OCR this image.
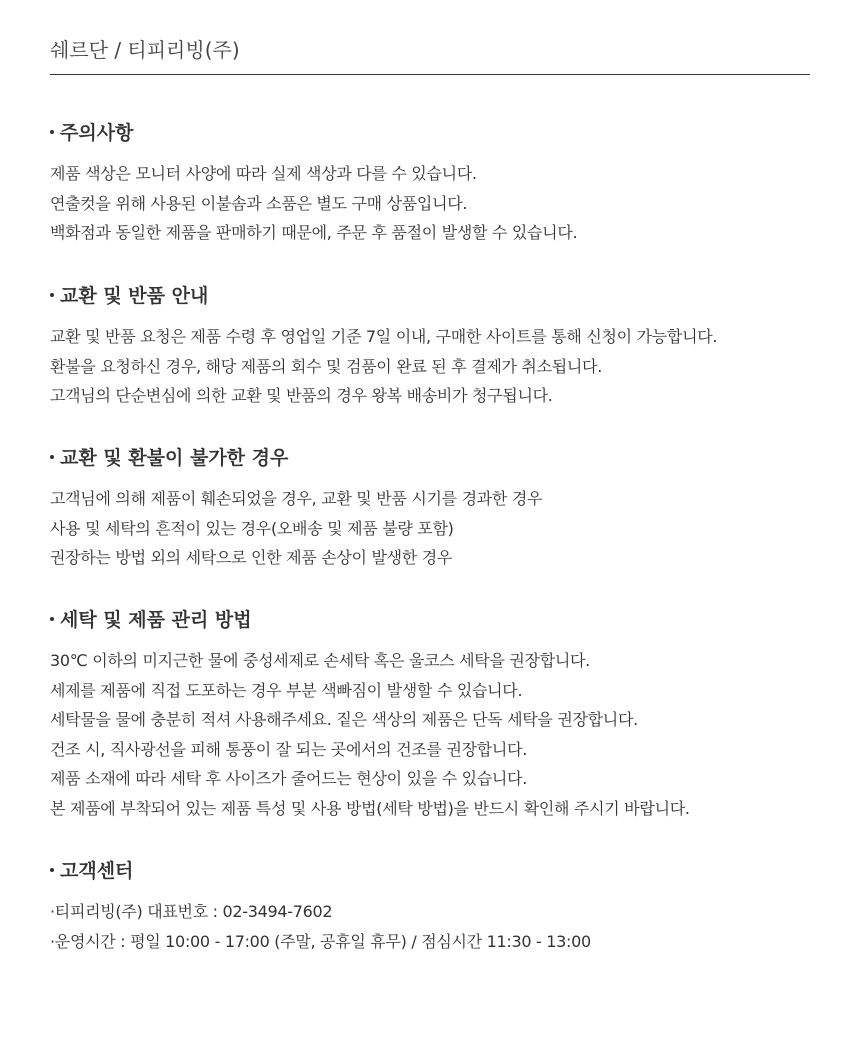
쉐르단 / 티피리빙(주)
주의사항
제품 색상은 모니터 사양에 따라 실제 색상과 다를 수 있습니다.
연출컷을 위해 사용된 이불솜과 소품은 별도 구매 상품입니다.
백화점과 동일한 제품을 판매하기 때문에, 주문 후 품절이 발생할 수 있습니다.
교환 및 반품 안내
교환 및 반품 요청은 제품 수령 후 영업일 기준 7일 이내, 구매한 사이트를 통해 신청이 가능합니다.
환불을 요청하신 경우, 해당 제품의 회수 및 검품이 완료 된 후 결제가 취소됩니다.
고객님의 단순변심에 의한 교환 및 반품의 경우 왕복 배송비가 청구됩니다.
교환 및 환불이 불가한 경우
고객님에 의해 제품이 훼손되었을 경우, 교환 및 반품 시기를 경과한 경우
사용 및 세탁의 흔적이 있는 경우(오배송 및 제품 불량 포함)
권장하는 방법 외의 세탁으로 인한 제품 손상이 발생한 경우
세탁 및 제품 관리 방법
30℃ 이하의 미지근한 물에 중성세제로 손세탁 혹은 울코스 세탁을 권장합니다.
세제를 제품에 직접 도포하는 경우 부분 색빠짐이 발생할 수 있습니다.
세탁물을 물에 충분히 적셔 사용해주세요. 짙은 색상의 제품은 단독 세탁을 권장합니다.
건조 시, 직사광선을 피해 통풍이 잘 되는 곳에서의 건조를 권장합니다.
제품 소재에 따라 세탁 후 사이즈가 줄어드는 현상이 있을 수 있습니다.
본 제품에 부착되어 있는 제품 특성 및 사용 방법(세탁 방법)을 반드시 확인해 주시기 바랍니다.
고객센터
· 티피리빙(주) 대표번호 : 02-3494-7602
· 운영시간 : 평일 10:00 - 17:00 (주말, 공휴일 휴무) / 점심시간 11:30 - 13:00
